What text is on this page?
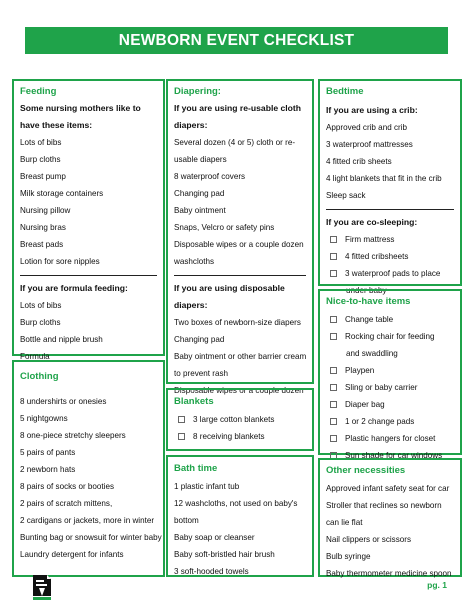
NEWBORN EVENT CHECKLIST
Feeding
Some nursing mothers like to
have these items:
Lots of bibs
Burp cloths
Breast pump
Milk storage containers
Nursing pillow
Nursing bras
Breast pads
Lotion for sore nipples
If you are formula feeding:
Lots of bibs
Burp cloths
Bottle and nipple brush
Formula
Clothing
8 undershirts or onesies
5 nightgowns
8 one-piece stretchy sleepers
5 pairs of pants
2 newborn hats
8 pairs of socks or booties
2 pairs of scratch mittens,
2 cardigans or jackets, more in winter
Bunting bag or snowsuit for winter baby
Laundry detergent for infants
Diapering:
If you are using re-usable cloth
diapers:
Several dozen (4 or 5) cloth or re-
usable diapers
8 waterproof covers
Changing pad
Baby ointment
Snaps, Velcro or safety pins
Disposable wipes or a couple dozen
washcloths
If you are using disposable
diapers:
Two boxes of newborn-size diapers
Changing pad
Baby ointment or other barrier cream
to prevent rash
Disposable wipes or a couple dozen
Blankets
3 large cotton blankets
8 receiving blankets
Bath time
1 plastic infant tub
12 washcloths, not used on baby's
bottom
Baby soap or cleanser
Baby soft-bristled hair brush
3 soft-hooded towels
Bedtime
If you are using a crib:
Approved crib and crib
3 waterproof mattresses
4 fitted crib sheets
4 light blankets that fit in the crib
Sleep sack
If you are co-sleeping:
Firm mattress
4 fitted cribsheets
3 waterproof pads to place
under baby
Nice-to-have items
Change table
Rocking chair for feeding
and swaddling
Playpen
Sling or baby carrier
Diaper bag
1 or 2 change pads
Plastic hangers for closet
Sun shade for car windows
Other necessities
Approved infant safety seat for car
Stroller that reclines so newborn
can lie flat
Nail clippers or scissors
Bulb syringe
Baby thermometer medicine spoon
pg. 1
